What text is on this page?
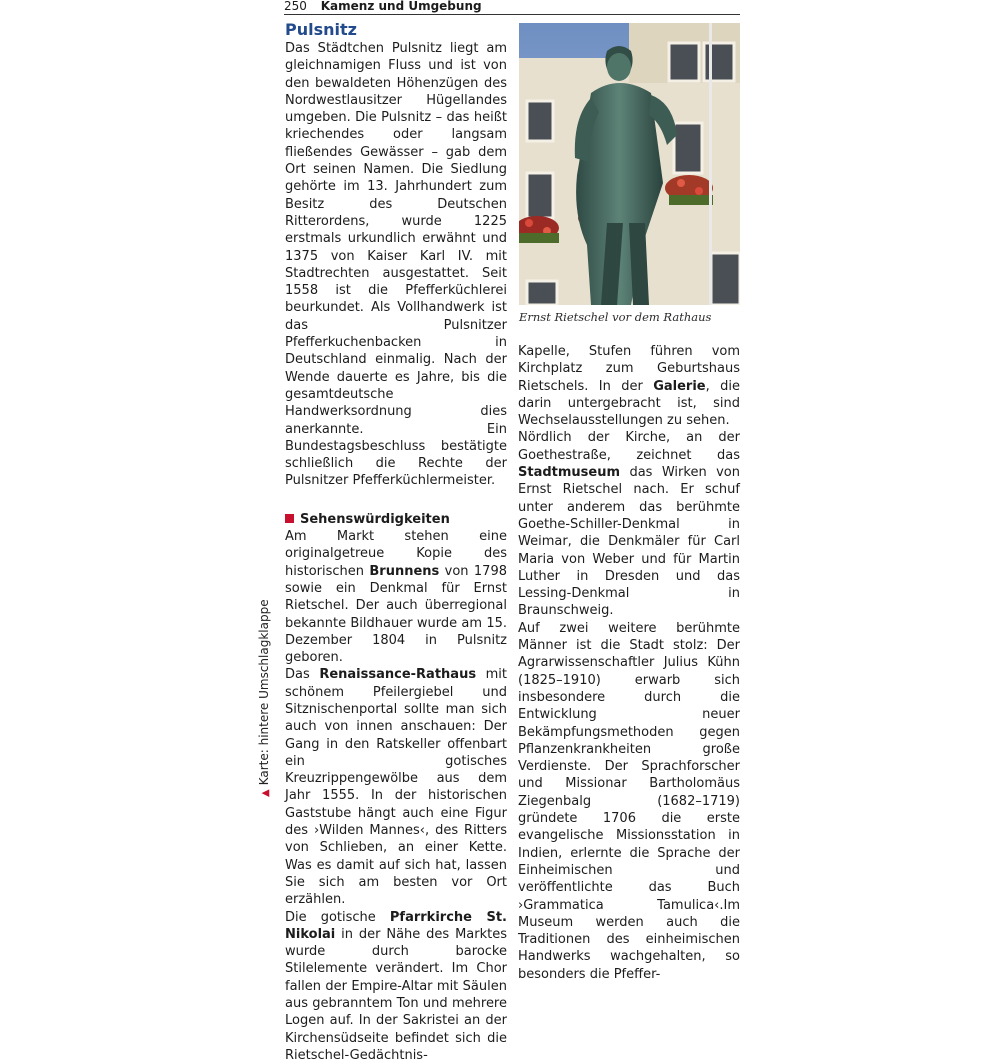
250 Kamenz und Umgebung
Pulsnitz

Das Städtchen Pulsnitz liegt am gleichnamigen Fluss und ist von den bewaldeten Höhenzügen des Nordwestlausitzer Hügellandes umgeben. Die Pulsnitz – das heißt kriechendes oder langsam fließendes Gewässer – gab dem Ort seinen Namen. Die Siedlung gehörte im 13. Jahrhundert zum Besitz des Deutschen Ritterordens, wurde 1225 erstmals urkundlich erwähnt und 1375 von Kaiser Karl IV. mit Stadtrechten ausgestattet. Seit 1558 ist die Pfefferküchlerei beurkundet. Als Vollhandwerk ist das Pulsnitzer Pfefferkuchenbacken in Deutschland einmalig. Nach der Wende dauerte es Jahre, bis die gesamtdeutsche Handwerksordnung dies anerkannte. Ein Bundestagsbeschluss bestätigte schließlich die Rechte der Pulsnitzer Pfefferküchlermeister.

Sehenswürdigkeiten

Am Markt stehen eine originalgetreue Kopie des historischen Brunnens von 1798 sowie ein Denkmal für Ernst Rietschel. Der auch überregional bekannte Bildhauer wurde am 15. Dezember 1804 in Pulsnitz geboren.

Das Renaissance-Rathaus mit schönem Pfeilergiebel und Sitznischenportal sollte man sich auch von innen anschauen: Der Gang in den Ratskeller offenbart ein gotisches Kreuzrippengewölbe aus dem Jahr 1555. In der historischen Gaststube hängt auch eine Figur des ›Wilden Mannes‹, des Ritters von Schlieben, an einer Kette. Was es damit auf sich hat, lassen Sie sich am besten vor Ort erzählen.

Die gotische Pfarrkirche St. Nikolai in der Nähe des Marktes wurde durch barocke Stilelemente verändert. Im Chor fallen der Empire-Altar mit Säulen aus gebranntem Ton und mehrere Logen auf. In der Sakristei an der Kirchensüdseite befindet sich die Rietschel-Gedächtnis-

Ernst Rietschel vor dem Rathaus

Kapelle, Stufen führen vom Kirchplatz zum Geburtshaus Rietschels. In der Galerie, die darin untergebracht ist, sind Wechselausstellungen zu sehen.

Nördlich der Kirche, an der Goethestraße, zeichnet das Stadtmuseum das Wirken von Ernst Rietschel nach. Er schuf unter anderem das berühmte Goethe-Schiller-Denkmal in Weimar, die Denkmäler für Carl Maria von Weber und für Martin Luther in Dresden und das Lessing-Denkmal in Braunschweig.

Auf zwei weitere berühmte Männer ist die Stadt stolz: Der Agrarwissenschaftler Julius Kühn (1825–1910) erwarb sich insbesondere durch die Entwicklung neuer Bekämpfungsmethoden gegen Pflanzenkrankheiten große Verdienste. Der Sprachforscher und Missionar Bartholomäus Ziegenbalg (1682–1719) gründete 1706 die erste evangelische Missionsstation in Indien, erlernte die Sprache der Einheimischen und veröffentlichte das Buch ›Grammatica Tamulica‹.Im Museum werden auch die Traditionen des einheimischen Handwerks wachgehalten, so besonders die Pfeffer-

▲Karte: hintere Umschlagklappe
